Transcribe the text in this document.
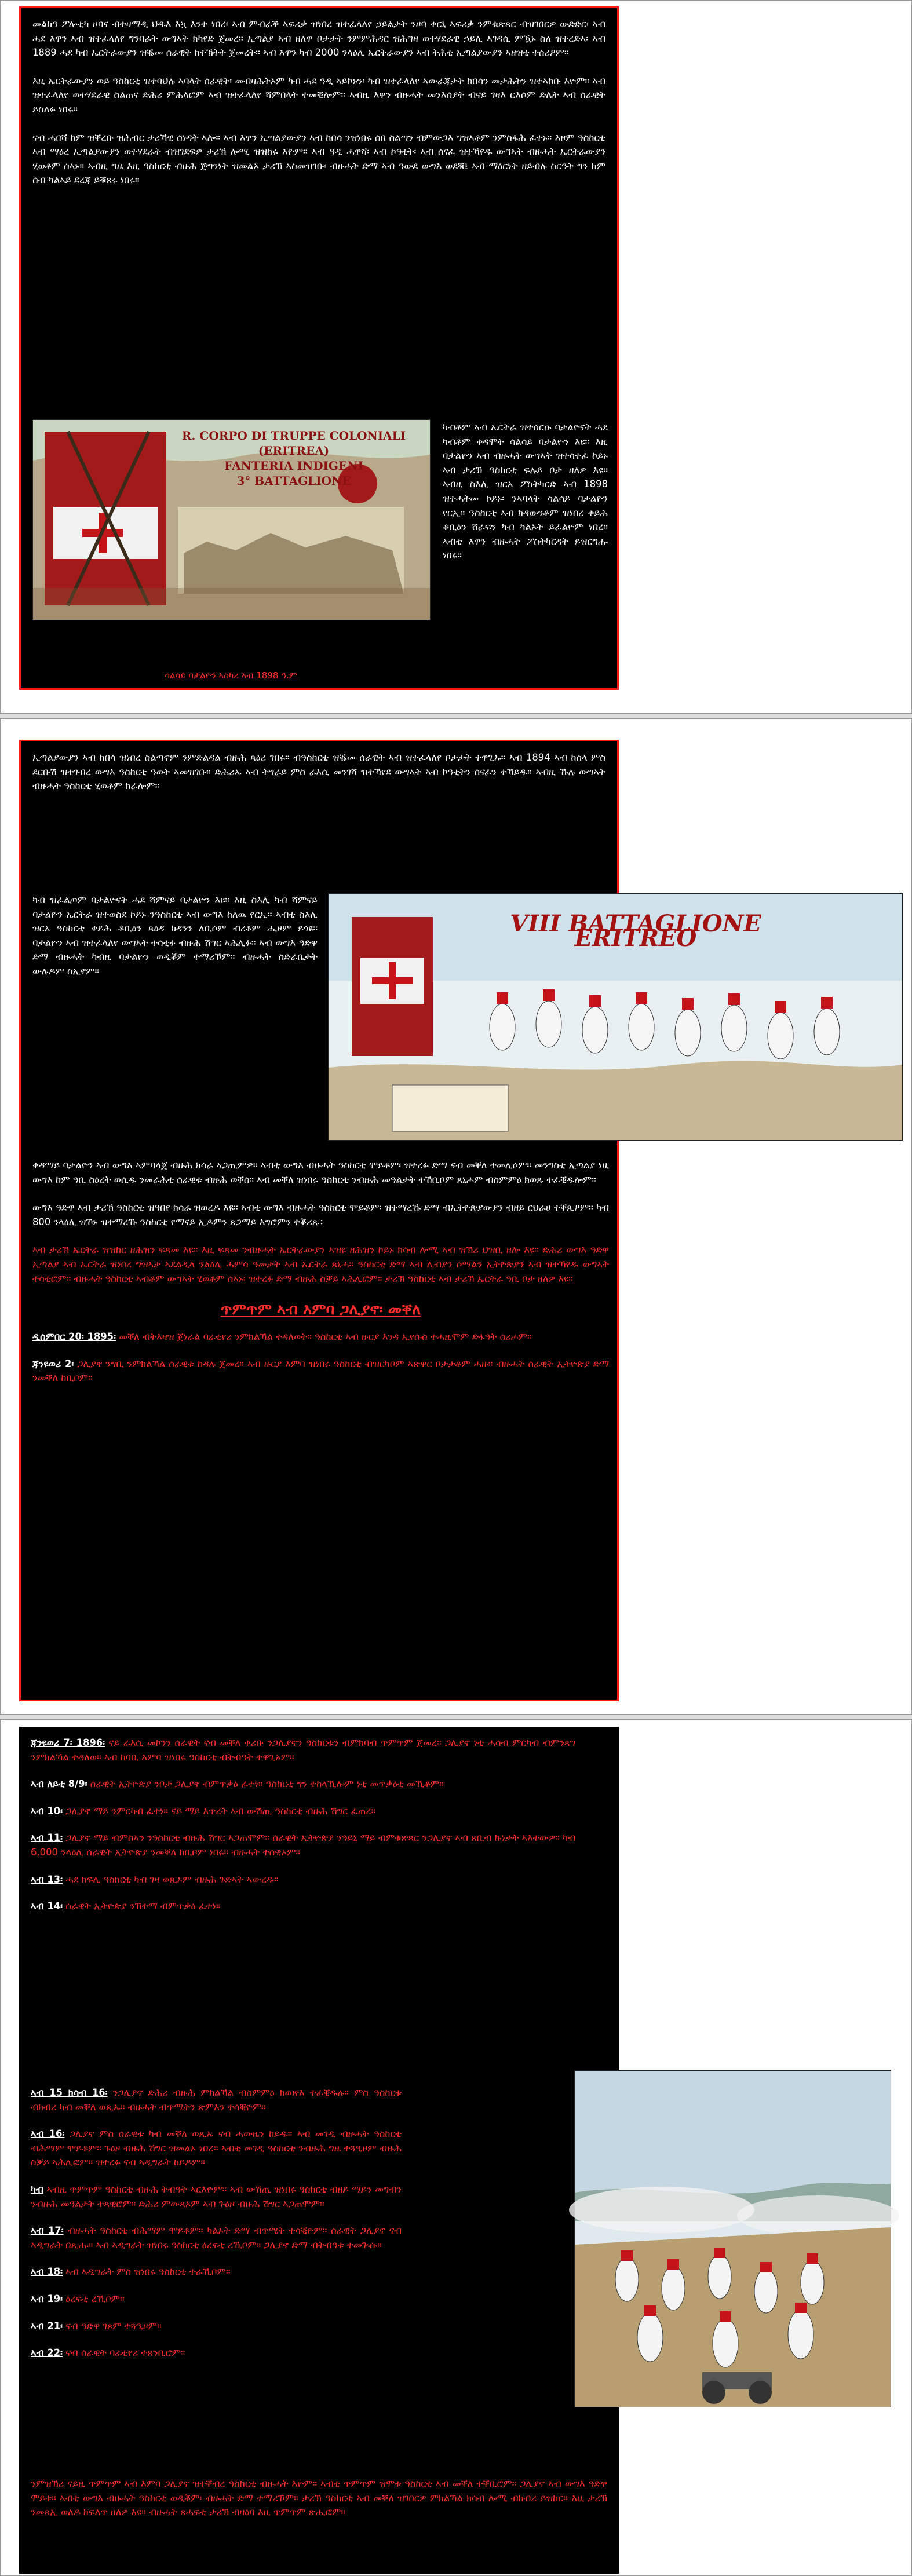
መልክዓ ፖሎቲካ ዞባና ብተዛማዲ ህዱእ እኳ እንተ ነበረ፡ ኣብ ምብራቕ ኣፍሪቃ ዝነበረ ዝተፈላለየ ኃይልታት ንዞባ ቀርኒ ኣፍሪቃ ንምቁጽጻር ብዝገበርዎ ውድድር፡ ኣብ ሓደ እዋን ኣብ ዝተፈላለየ ግንባራት ውግኣት ክካየድ ጀመረ። ኢጣልያ ኣብ ዘለዋ ቦታታት ንምምሕዳር ዝሕግዛ ወተሃደራዊ ኃይሊ ኣገዳሲ ምዃኑ ስለ ዝተረድኣ፡ ኣብ 1889 ሓደ ካብ ኤርትራውያን ዝቘመ ሰራዊት ከተኽትት ጀመረት። ኣብ እዋን ካብ 2000 ንላዕሊ ኤርትራውያን ኣብ ትሕቲ ኢጣልያውያን ኣዘዝቲ ተሰሪዖም።

እዚ ኤርትራውያን ወይ ዓስከርቲ ዝተባህሉ ኣባላት ሰራዊት፡ መብዛሕትኦም ካብ ሓደ ዓዲ ኣይኮኑን፡ ካብ ዝተፈላለየ ኣውራጃታት ከበሳን መታሕትን ዝተኣከቡ እዮም። ኣብ ዝተፈላለየ ወተሃደራዊ ስልጠና ድሕሪ ምሕላፎም ኣብ ዝተፈላለየ ሻምበላት ተመቒሎም። ኣብዚ እዋን ብዙሓት መንእሰያት ብናይ ገዛእ ርእሶም ድሌት ኣብ ሰራዊት ይስለፉ ነበሩ።

ናብ ሓበሻ ከም ዝቐረቡ ዝሕብር ታሪኻዊ ሰነዳት ኣሎ። ኣብ እዋን ኢጣልያውያን ኣብ ከበሳ ንዝነበሩ ሰበ ስልጣን ብምውጋእ ግዝኣቶም ንምስፋሕ ፈተኑ። እዞም ዓስከርቲ ኣብ ማዕረ ኢጣልያውያን ወተሃደራት ብዝገደፍዎ ታሪኽ ሎሚ ዝዝከሩ እዮም። ኣብ ዓዲ ሓዋሻ፡ ኣብ ኮዓቲት፡ ኣብ ሰናፈ ዝተኻየዱ ውግኣት ብዙሓት ኤርትራውያን ሂወቶም ሰኣኑ። ኣብዚ ግዜ እዚ ዓስከርቲ ብዙሕ ጅግንነት ዝመልኦ ታሪኽ ኣስመዝገቡ፡ ብዙሓት ድማ ኣብ ዓውደ ውግእ ወደቑ፤ ኣብ ማዕርነት ዘይብሉ ስርዓት ግን ከም ሰብ ካልኣይ ደረጃ ይቑጸሩ ነበሩ።

R. CORPO DI TRUPPE COLONIALI (ERITREA)
FANTERIA INDIGENI
3° BATTAGLIONE
ካብቶም ኣብ ኤርትራ ዝተሰርዑ ባታልዮናት ሓደ ካብቶም ቀዳሞት ሳልሳይ ባታልዮን እዩ። እዚ ባታልዮን ኣብ ብዙሓት ውግኣት ዝተሳተፈ ኮይኑ ኣብ ታሪኽ ዓስከርቲ ፍሉይ ቦታ ዘለዎ እዩ። ኣብዚ ስእሊ ዝርአ ፖስትካርድ ኣብ 1898 ዝተሓትመ ኮይኑ፡ ንኣባላት ሳልሳይ ባታልዮን የርኢ። ዓስከርቲ ኣብ ክዳውንቶም ዝነበረ ቀይሕ ቆቢዕን ሸራፍን ካብ ካልኦት ይፈልዮም ነበረ። ኣብቲ እዋን ብዙሓት ፖስትካርዳት ይዝርግሑ ነበሩ።
ሳልሳይ ባታልዮን ኣስካሪ ኣብ 1898 ዓ.ም

ኢጣልያውያን ኣብ ከበሳ ዝነበረ ስልጣኖም ንምድልዳል ብዙሕ ጻዕሪ ገበሩ። ብዓስከርቲ ዝቘመ ሰራዊት ኣብ ዝተፈላለየ ቦታታት ተዋጊኡ። ኣብ 1894 ኣብ ከሰላ ምስ ደርቡሽ ዝተገብረ ውግእ ዓስከርቲ ዓወት ኣመዝገቡ። ድሕሪኡ ኣብ ትግራይ ምስ ራእሲ መንገሻ ዝተኻየደ ውግኣት ኣብ ኮዓቲትን ሰናፈን ተኻይዱ። ኣብዚ ኹሉ ውግኣት ብዙሓት ዓስከርቲ ሂወቶም ከፊሎም።

VIII BATTAGLIONE ERITREO
ካብ ዝፈልጦም ባታልዮናት ሓደ ሻምናይ ባታልዮን እዩ። እዚ ስእሊ ካብ ሻምናይ ባታልዮን ኤርትራ ዝተወስደ ኮይኑ ንዓስከርቲ ኣብ ውግእ ከለዉ የርኢ። ኣብቲ ስእሊ ዝርአ ዓስከርቲ ቀይሕ ቆቢዕን ጻዕዳ ክዳንን ለቢሶም ብረቶም ሒዞም ይጎዩ። ባታልዮን ኣብ ዝተፈላለየ ውግኣት ተሳቲፉ ብዙሕ ሽግር ኣሕሊፉ። ኣብ ውግእ ዓድዋ ድማ ብዙሓት ካብዚ ባታልዮን ወዲቖም ተማሪኾም። ብዙሓት ስድራቤታት ውሉዶም ስኢኖም።

ቀዳማይ ባታልዮን ኣብ ውግእ ኣምባላጀ ብዙሕ ክሳራ ኣጋጢምዎ። ኣብቲ ውግእ ብዙሓት ዓስከርቲ ሞይቶም፡ ዝተረፉ ድማ ናብ መቐለ ተመሊሶም። መንግስቲ ኢጣልያ ነዚ ውግእ ከም ዓቢ ስዕረት ወሲዱ ንመራሕቲ ሰራዊቱ ብዙሕ ወቐሰ። ኣብ መቐለ ዝነበሩ ዓስከርቲ ንብዙሕ መዓልታት ተኸቢቦም ጸኒሖም ብስምምዕ ክወጹ ተፈቒዱሎም።

ውግእ ዓድዋ ኣብ ታሪኽ ዓስከርቲ ዝዓበየ ክሳራ ዝወረዶ እዩ። ኣብቲ ውግእ ብዙሓት ዓስከርቲ ሞይቶም፡ ዝተማረኹ ድማ ብኢትዮጵያውያን ብዘይ ርህራሀ ተቐጺዖም። ካብ 800 ንላዕሊ ዝኾኑ ዝተማረኹ ዓስከርቲ የማናይ ኢዶምን ጸጋማይ እግሮምን ተቖሪጹ፥

ኣብ ታሪኽ ኤርትራ ዝዝከር ዘሕዝን ፍጻመ እዩ። እዚ ፍጻመ ንብዙሓት ኤርትራውያን ኣዝዩ ዘሕዝን ኮይኑ ክሳብ ሎሚ ኣብ ዝኽሪ ህዝቢ ዘሎ እዩ። ድሕሪ ውግእ ዓድዋ ኢጣልያ ኣብ ኤርትራ ዝነበረ ግዝኣታ ኣደልዲላ ንልዕሊ ሓምሳ ዓመታት ኣብ ኤርትራ ጸኒሓ። ዓስከርቲ ድማ ኣብ ሊብያን ሶማልን ኢትዮጵያን ኣብ ዝተኻየዱ ውግኣት ተሳቲፎም። ብዙሓት ዓስከርቲ ኣብቶም ውግኣት ሂወቶም ሰኣኑ፡ ዝተረፉ ድማ ብዙሕ ስቓይ ኣሕሊፎም። ታሪኽ ዓስከርቲ ኣብ ታሪኽ ኤርትራ ዓቢ ቦታ ዘለዎ እዩ።

ጥምጥም ኣብ እምባ ጋሊያኖ፡ መቐለ
ዲሰምበር 20፡ 1895፡ መቐለ ብትእዛዝ ጀነራል ባራቲየሪ ንምክልኻል ተዳለወት። ዓስከርቲ ኣብ ዙርያ እንዳ ኢየሱስ ተሓዚሞም ድፋዓት ሰሪሖም።
ጃንዩወሪ 2፡ ጋሊያኖ ንግቢ ንምክልኻል ሰራዊቱ ከዳሉ ጀመረ። ኣብ ዙርያ እምባ ዝነበሩ ዓስከርቲ ብዝርካቦም ኣጽዋር ቦታታቶም ሓዙ። ብዙሓት ሰራዊት ኢትዮጵያ ድማ ንመቐለ ከቢቦም።
ጃንዩወሪ 7፡ 1896፡ ናይ ራእሲ መኮንን ሰራዊት ናብ መቐለ ቀሪቡ ንጋሊያኖን ዓስከርቱን ብምክባብ ጥምጥም ጀመረ። ጋሊያኖ ነቲ ሓሳብ ምርካብ ብምንጻግ ንምክልኻል ተዳለወ። ኣብ ከባቢ እምባ ዝነበሩ ዓስከርቲ ብትብዓት ተዋጊኦም።
ኣብ ለይቲ 8/9፡ ሰራዊት ኢትዮጵያ ንቦታ ጋሊያኖ ብምጥቃዕ ፈተነ። ዓስከርቲ ግን ተከላኺሎም ነቲ መጥቃዕቲ መኺቶም።
ኣብ 10፡ ጋሊያኖ ማይ ንምርካብ ፈተነ። ናይ ማይ እጥረት ኣብ ውሽጢ ዓስከርቲ ብዙሕ ሽግር ፈጠረ።
ኣብ 11፡ ጋሊያኖ ማይ ብምስኣን ንዓስከርቲ ብዙሕ ሽግር ኣጋጠሞም። ሰራዊት ኢትዮጵያ ንዓይኒ ማይ ብምቁጽጻር ንጋሊያኖ ኣብ ጸቢብ ኩነታት ኣእተውዎ። ካብ 6,000 ንላዕሊ ሰራዊት ኢትዮጵያ ንመቐለ ከቢቦም ነበሩ። ብዙሓት ተሰዊኦም።
ኣብ 13፡ ሓደ ክፍሊ ዓስከርቲ ካብ ገዛ ወጺኦም ብዙሕ ጉድኣት ኣውረዱ።
ኣብ 14፡ ሰራዊት ኢትዮጵያ ንኸተማ ብምጥቃዕ ፈተነ።
ኣብ 15 ክሳብ 16፡ ንጋሊያኖ ድሕሪ ብዙሕ ምክልኻል ብስምምዕ ክወጽእ ተፈቒዱሉ። ምስ ዓስከርቱ ብክብሪ ካብ መቐለ ወጺኡ። ብዙሓት ብጥሜትን ጽምእን ተሳቒዮም።
ኣብ 16፡ ጋሊያኖ ምስ ሰራዊቱ ካብ መቐለ ወጺኡ ናብ ሓውዜን ከይዱ። ኣብ መገዲ ብዙሓት ዓስከርቲ ብሕማም ሞይቶም። ጉዕዞ ብዙሕ ሽግር ዝመልኦ ነበረ። ኣብቲ መገዲ ዓስከርቲ ንብዙሕ ግዜ ተጓዒዞም ብዙሕ ስቓይ ኣሕሊፎም። ዝተረፉ ናብ ኣዲግራት ከይዶም።
ካብ ኣብዚ ጥምጥም ዓስከርቲ ብዙሕ ትብዓት ኣርእዮም። ኣብ ውሽጢ ዝነበሩ ዓስከርቲ ብዘይ ማይን መግብን ንብዙሕ መዓልታት ተጻዊሮም። ድሕሪ ምውጻኦም ኣብ ጉዕዞ ብዙሕ ሽግር ኣጋጠሞም።
ኣብ 17፡ ብዙሓት ዓስከርቲ ብሕማም ሞይቶም። ካልኦት ድማ ብጥሜት ተሳቒዮም። ሰራዊት ጋሊያኖ ናብ ኣዲግራት በጺሑ። ኣብ ኣዲግራት ዝነበሩ ዓስከርቲ ዕረፍቲ ረኺቦም። ጋሊያኖ ድማ ብትብዓቱ ተመጒሱ።
ኣብ 18፡ ኣብ ኣዲግራት ምስ ዝነበሩ ዓስከርቲ ተራኺቦም።
ኣብ 19፡ ዕረፍቲ ረኺቦም።
ኣብ 21፡ ናብ ዓድዋ ገጾም ተጓዒዞም።
ኣብ 22፡ ናብ ሰራዊት ባራቲየሪ ተጸንቢሮም።

ንምዝኽሪ ናይዚ ጥምጥም ኣብ እምባ ጋሊያኖ ዝተቐብረ ዓስከርቲ ብዙሓት እዮም። ኣብቲ ጥምጥም ዝሞቱ ዓስከርቲ ኣብ መቐለ ተቐቢሮም። ጋሊያኖ ኣብ ውግእ ዓድዋ ሞይቱ። ኣብቲ ውግእ ብዙሓት ዓስከርቲ ወዲቖም፡ ብዙሓት ድማ ተማሪኾም። ታሪኽ ዓስከርቲ ኣብ መቐለ ዝገበርዎ ምክልኻል ክሳብ ሎሚ ብክብሪ ይዝከር። እዚ ታሪኽ ንመጻኢ ወለዶ ክፍለጥ ዘለዎ እዩ። ብዙሓት ጸሓፍቲ ታሪኽ ብዛዕባ እዚ ጥምጥም ጽሒፎም።
